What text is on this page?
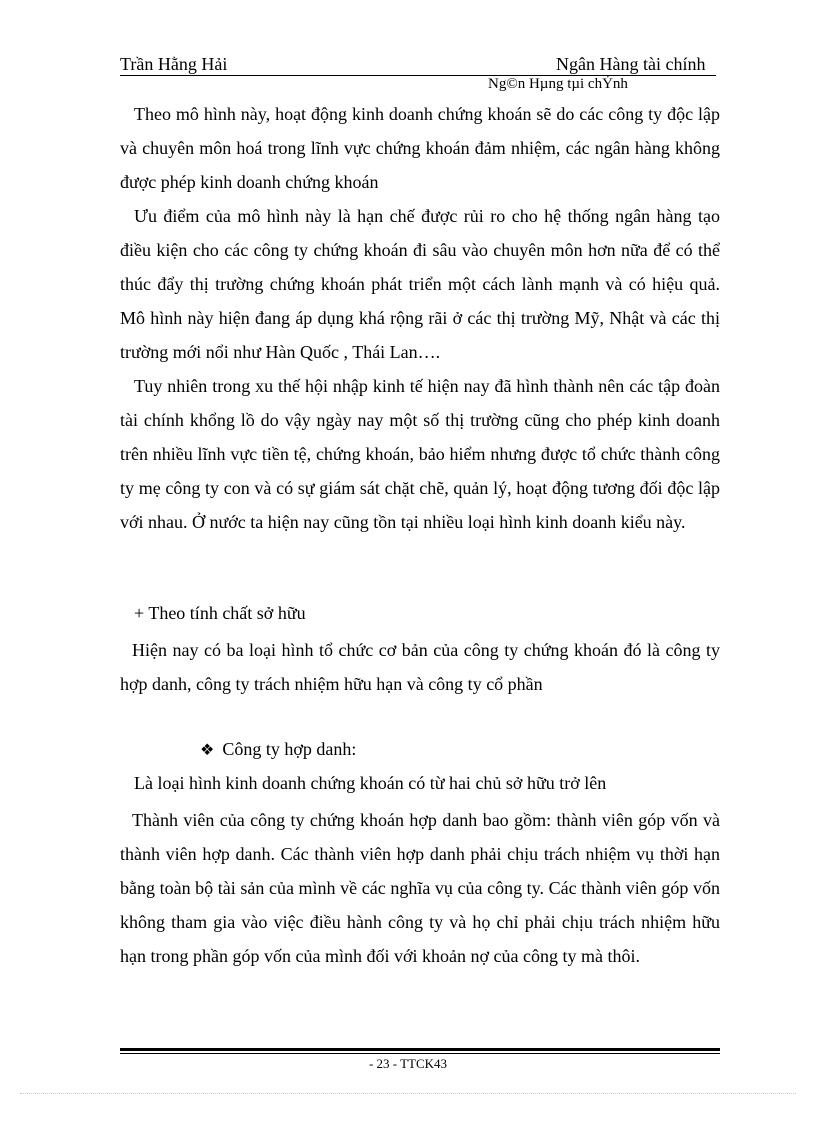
Trần Hằng Hải	Ngân Hàng tài chính
Ng©n Hµng tµi chÝnh

Theo mô hình này, hoạt động kinh doanh chứng khoán sẽ do các công ty độc lập và chuyên môn hoá trong lĩnh vực chứng khoán đảm nhiệm, các ngân hàng không được phép kinh doanh chứng khoán

Ưu điểm của mô hình này là hạn chế được rủi ro cho hệ thống ngân hàng tạo điều kiện cho các công ty chứng khoán đi sâu vào chuyên môn hơn nữa để có thể thúc đẩy thị trường chứng khoán phát triển một cách lành mạnh và có hiệu quả. Mô hình này hiện đang áp dụng khá rộng rãi ở các thị trường Mỹ, Nhật và các thị trường mới nổi như Hàn Quốc , Thái Lan….

Tuy nhiên trong xu thế hội nhập kinh tế hiện nay đã hình thành nên các tập đoàn tài chính khổng lồ do vậy ngày nay một số thị trường cũng cho phép kinh doanh trên nhiều lĩnh vực tiền tệ, chứng khoán, bảo hiểm nhưng được tổ chức thành công ty mẹ công ty con và có sự giám sát chặt chẽ, quản lý, hoạt động tương đối độc lập với nhau. Ở nước ta hiện nay cũng tồn tại nhiều loại hình kinh doanh kiểu này.

+ Theo tính chất sở hữu

Hiện nay có ba loại hình tổ chức cơ bản của công ty chứng khoán đó là công ty hợp danh, công ty trách nhiệm hữu hạn và công ty cổ phần

❖ Công ty hợp danh:
Là loại hình kinh doanh chứng khoán có từ hai chủ sở hữu trở lên

Thành viên của công ty chứng khoán hợp danh bao gồm: thành viên góp vốn và thành viên hợp danh. Các thành viên hợp danh phải chịu trách nhiệm vụ thời hạn bằng toàn bộ tài sản của mình về các nghĩa vụ của công ty. Các thành viên góp vốn không tham gia vào việc điều hành công ty và họ chỉ phải chịu trách nhiệm hữu hạn trong phần góp vốn của mình đối với khoản nợ của công ty mà thôi.

- 23 - TTCK43
